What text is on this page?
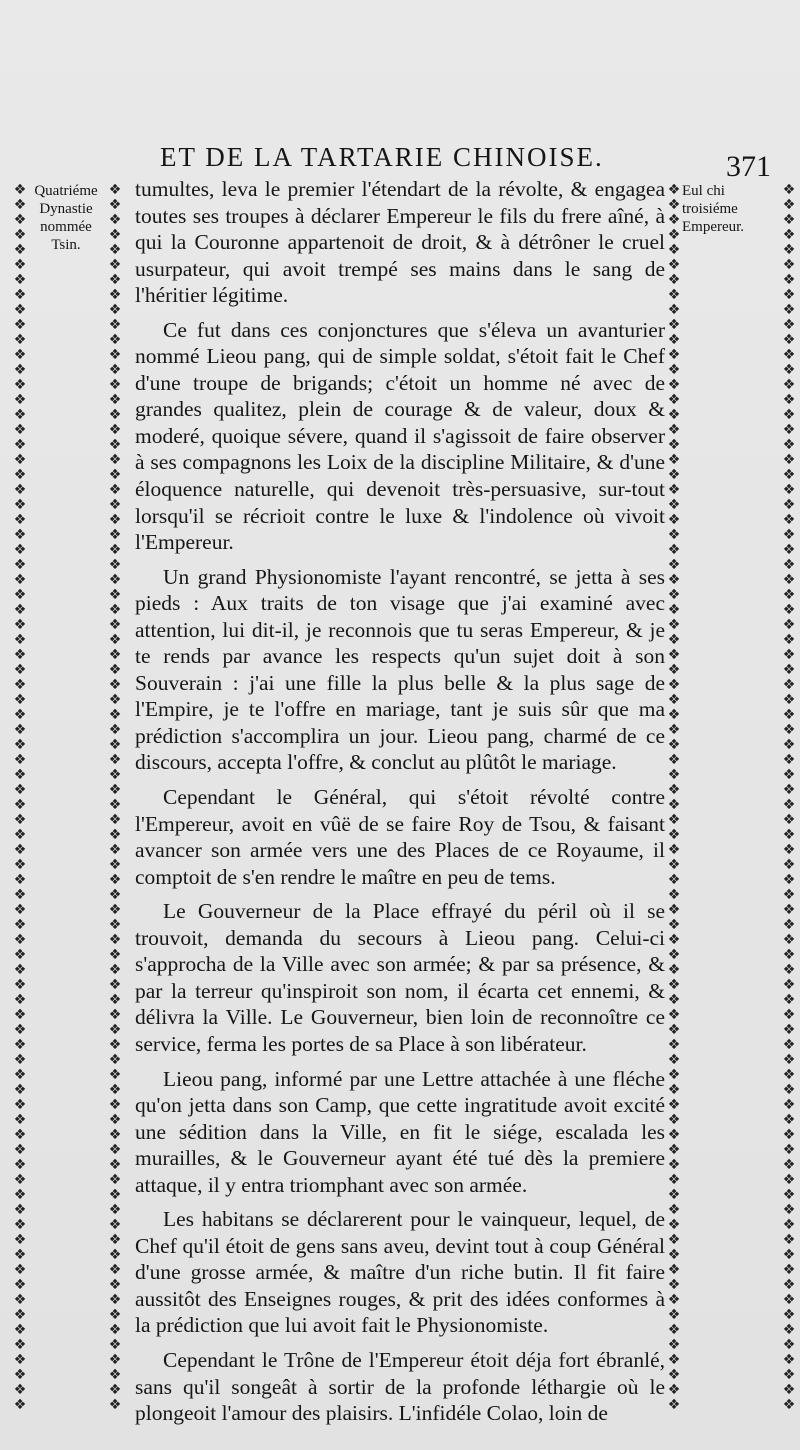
ET DE LA TARTARIE CHINOISE.	371
❖
❖
❖
❖
❖
❖
❖
❖
❖
❖
❖
❖
❖
❖
❖
❖
❖
❖
❖
❖
❖
❖
❖
❖
❖
❖
❖
❖
❖
❖
❖
❖
❖
❖
❖
❖
❖
❖
❖
❖
❖
❖
❖
❖
❖
❖
❖
❖
❖
❖
❖
❖
❖
❖
❖
❖
❖
❖
❖
❖
❖
❖
❖
❖
❖
❖
❖
❖
❖
❖
❖
❖
❖
❖
❖
❖
❖
❖
❖
❖
❖
❖
❖
❖
❖
❖
❖
❖
❖
❖
❖
❖
❖
❖
❖
❖
❖
❖
❖
❖
❖
❖
❖
❖
❖
❖
❖
❖
❖
❖
❖
❖
❖
❖
❖
❖
❖
❖
❖
❖
❖
❖
❖
❖
❖
❖
❖
❖
❖
❖
❖
❖
❖
❖
❖
❖
❖
❖
❖
❖
❖
❖
❖
❖
❖
❖
❖
❖
❖
❖
❖
❖
❖
❖
❖
❖
❖
❖
❖
❖
❖
❖
❖
❖
❖
❖
❖
❖
❖
❖
❖
❖
❖
❖
❖
❖
❖
❖
❖
❖
❖
❖
❖
❖
❖
❖
❖
❖
❖
❖
❖
❖
❖
❖
❖
❖
❖
❖
❖
❖
❖
❖
❖
❖
❖
❖
❖
❖
❖
❖
❖
❖
❖
❖
❖
❖
❖
❖
❖
❖
❖
❖
❖
❖
❖
❖
❖
❖
❖
❖
❖
❖
❖
❖
❖
❖
❖
❖
❖
❖
❖
❖
❖
❖
❖
❖
❖
❖
❖
❖
❖
❖
❖
❖
❖
❖
❖
❖
❖
❖
❖
❖
❖
❖
❖
❖
❖
❖
❖
❖
❖
❖
❖
❖
❖
❖
❖
❖
❖
❖
❖
❖
❖
❖
❖
❖
❖
❖
❖
❖
❖
❖
❖
❖
❖
❖
❖
❖
❖
❖
❖
❖
❖
❖
❖
❖
❖
❖
❖
❖
❖
❖
❖
❖
❖
❖
❖
❖
❖
❖
❖
❖
❖
❖
❖
❖
❖
❖
Quatriéme Dynastie nommée Tsin.
Eul chi troisiéme Empereur.

tumultes, leva le premier l'étendart de la révolte, & engagea toutes ses troupes à déclarer Empereur le fils du frere aîné, à qui la Couronne appartenoit de droit, & à détrôner le cruel usurpateur, qui avoit trempé ses mains dans le sang de l'héritier légitime.

Ce fut dans ces conjonctures que s'éleva un avanturier nommé Lieou pang, qui de simple soldat, s'étoit fait le Chef d'une troupe de brigands; c'étoit un homme né avec de grandes qualitez, plein de courage & de valeur, doux & moderé, quoique sévere, quand il s'agissoit de faire observer à ses compagnons les Loix de la discipline Militaire, & d'une éloquence naturelle, qui devenoit très-persuasive, sur-tout lorsqu'il se récrioit contre le luxe & l'indolence où vivoit l'Empereur.

Un grand Physionomiste l'ayant rencontré, se jetta à ses pieds : Aux traits de ton visage que j'ai examiné avec attention, lui dit-il, je reconnois que tu seras Empereur, & je te rends par avance les respects qu'un sujet doit à son Souverain : j'ai une fille la plus belle & la plus sage de l'Empire, je te l'offre en mariage, tant je suis sûr que ma prédiction s'accomplira un jour. Lieou pang, charmé de ce discours, accepta l'offre, & conclut au plûtôt le mariage.

Cependant le Général, qui s'étoit révolté contre l'Empereur, avoit en vûë de se faire Roy de Tsou, & faisant avancer son armée vers une des Places de ce Royaume, il comptoit de s'en rendre le maître en peu de tems.

Le Gouverneur de la Place effrayé du péril où il se trouvoit, demanda du secours à Lieou pang. Celui-ci s'approcha de la Ville avec son armée; & par sa présence, & par la terreur qu'inspiroit son nom, il écarta cet ennemi, & délivra la Ville. Le Gouverneur, bien loin de reconnoître ce service, ferma les portes de sa Place à son libérateur.

Lieou pang, informé par une Lettre attachée à une fléche qu'on jetta dans son Camp, que cette ingratitude avoit excité une sédition dans la Ville, en fit le siége, escalada les murailles, & le Gouverneur ayant été tué dès la premiere attaque, il y entra triomphant avec son armée.

Les habitans se déclarerent pour le vainqueur, lequel, de Chef qu'il étoit de gens sans aveu, devint tout à coup Général d'une grosse armée, & maître d'un riche butin. Il fit faire aussitôt des Enseignes rouges, & prit des idées conformes à la prédiction que lui avoit fait le Physionomiste.

Cependant le Trône de l'Empereur étoit déja fort ébranlé, sans qu'il songeât à sortir de la profonde léthargie où le plongeoit l'amour des plaisirs. L'infidéle Colao, loin de
